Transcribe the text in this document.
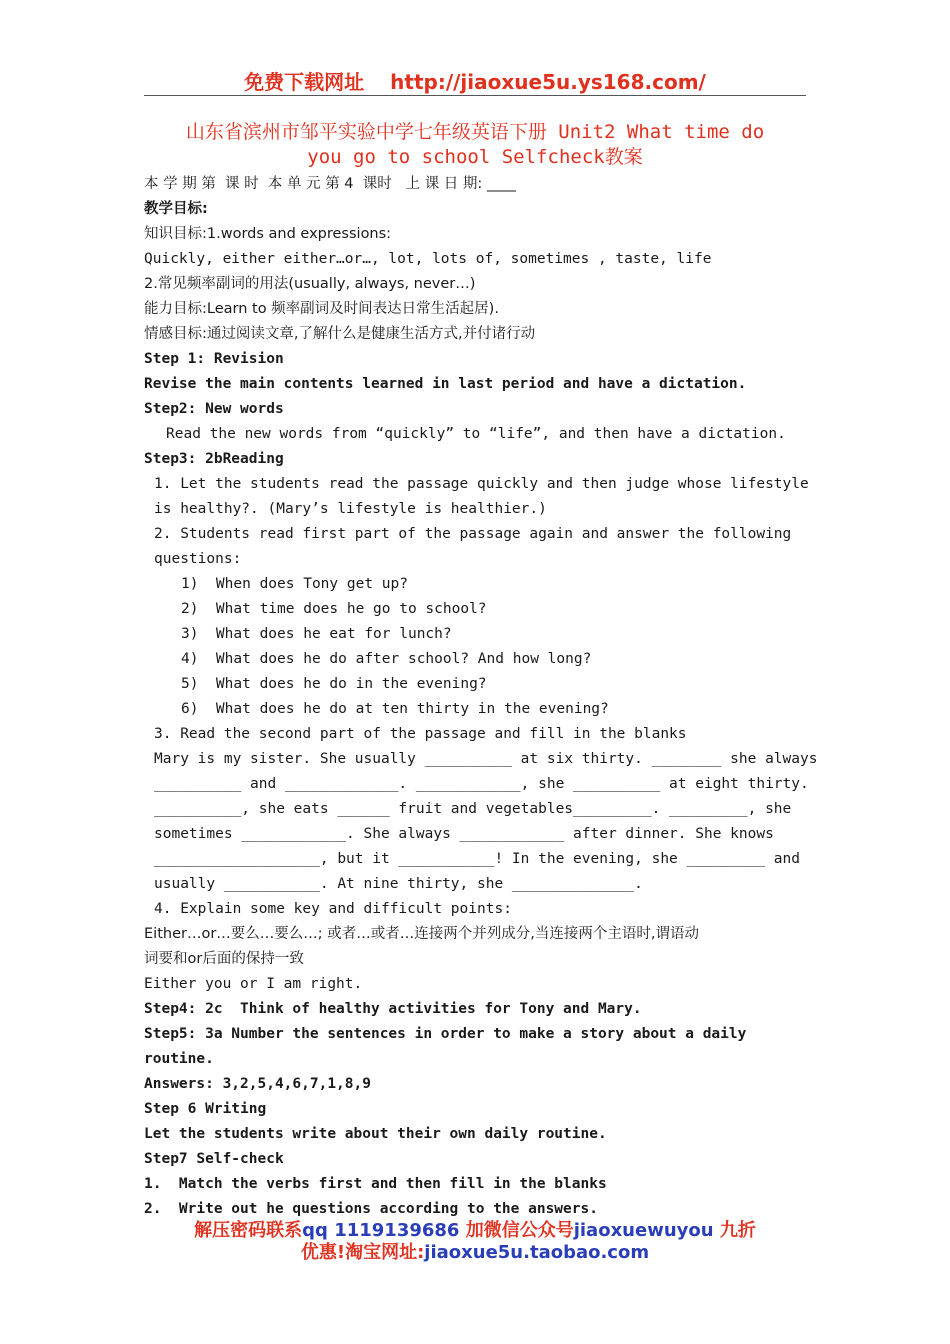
免费下载网址 http://jiaoxue5u.ys168.com/
山东省滨州市邹平实验中学七年级英语下册 Unit2 What time do
you go to school Selfcheck教案
本 学 期 第  课 时  本 单 元 第 4  课时   上 课 日 期: ____
教学目标:
知识目标:1.words and expressions:
Quickly, either either…or…, lot, lots of, sometimes , taste, life
2.常见频率副词的用法(usually, always, never…)
能力目标:Learn to 频率副词及时间表达日常生活起居).
情感目标:通过阅读文章,了解什么是健康生活方式,并付诸行动
Step 1: Revision
Revise the main contents learned in last period and have a dictation.
Step2: New words
Read the new words from “quickly” to “life”, and then have a dictation.
Step3: 2bReading
1. Let the students read the passage quickly and then judge whose lifestyle
is healthy?. (Mary’s lifestyle is healthier.)
2. Students read first part of the passage again and answer the following
questions:
1)  When does Tony get up?
2)  What time does he go to school?
3)  What does he eat for lunch?
4)  What does he do after school? And how long?
5)  What does he do in the evening?
6)  What does he do at ten thirty in the evening?
3. Read the second part of the passage and fill in the blanks
Mary is my sister. She usually __________ at six thirty. ________ she always
__________ and _____________. ____________, she __________ at eight thirty.
__________, she eats ______ fruit and vegetables_________. _________, she
sometimes ____________. She always ____________ after dinner. She knows
___________________, but it ___________! In the evening, she _________ and
usually ___________. At nine thirty, she ______________.
4. Explain some key and difficult points:
Either…or…要么…要么…; 或者…或者…连接两个并列成分,当连接两个主语时,谓语动
词要和or后面的保持一致
Either you or I am right.
Step4: 2c  Think of healthy activities for Tony and Mary.
Step5: 3a Number the sentences in order to make a story about a daily
routine.
Answers: 3,2,5,4,6,7,1,8,9
Step 6 Writing
Let the students write about their own daily routine.
Step7 Self-check
1.  Match the verbs first and then fill in the blanks
2.  Write out he questions according to the answers.
解压密码联系qq 1119139686 加微信公众号jiaoxuewuyou 九折
优惠!淘宝网址:jiaoxue5u.taobao.com
